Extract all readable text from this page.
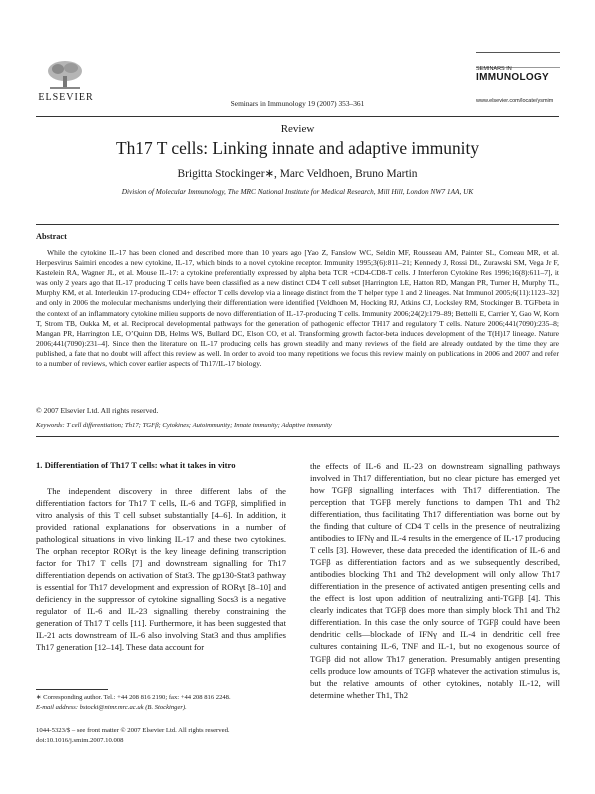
ELSEVIER
Seminars in Immunology 19 (2007) 353–361
SEMINARS IN
IMMUNOLOGY
www.elsevier.com/locate/ysmim
Review
Th17 T cells: Linking innate and adaptive immunity
Brigitta Stockinger∗, Marc Veldhoen, Bruno Martin
Division of Molecular Immunology, The MRC National Institute for Medical Research, Mill Hill, London NW7 1AA, UK
Abstract
While the cytokine IL-17 has been cloned and described more than 10 years ago [Yao Z, Fanslow WC, Seldin MF, Rousseau AM, Painter SL, Comeau MR, et al. Herpesvirus Saimiri encodes a new cytokine, IL-17, which binds to a novel cytokine receptor. Immunity 1995;3(6):811–21; Kennedy J, Rossi DL, Zurawski SM, Vega Jr F, Kastelein RA, Wagner JL, et al. Mouse IL-17: a cytokine preferentially expressed by alpha beta TCR +CD4-CD8-T cells. J Interferon Cytokine Res 1996;16(8):611–7], it was only 2 years ago that IL-17 producing T cells have been classified as a new distinct CD4 T cell subset [Harrington LE, Hatton RD, Mangan PR, Turner H, Murphy TL, Murphy KM, et al. Interleukin 17-producing CD4+ effector T cells develop via a lineage distinct from the T helper type 1 and 2 lineages. Nat Immunol 2005;6(11):1123–32] and only in 2006 the molecular mechanisms underlying their differentiation were identified [Veldhoen M, Hocking RJ, Atkins CJ, Locksley RM, Stockinger B. TGFbeta in the context of an inflammatory cytokine milieu supports de novo differentiation of IL-17-producing T cells. Immunity 2006;24(2):179–89; Bettelli E, Carrier Y, Gao W, Korn T, Strom TB, Oukka M, et al. Reciprocal developmental pathways for the generation of pathogenic effector TH17 and regulatory T cells. Nature 2006;441(7090):235–8; Mangan PR, Harrington LE, O’Quinn DB, Helms WS, Bullard DC, Elson CO, et al. Transforming growth factor-beta induces development of the T(H)17 lineage. Nature 2006;441(7090):231–4]. Since then the literature on IL-17 producing cells has grown steadily and many reviews of the field are already outdated by the time they are published, a fate that no doubt will affect this review as well. In order to avoid too many repetitions we focus this review mainly on publications in 2006 and 2007 and refer to a number of reviews, which cover earlier aspects of Th17/IL-17 biology.
© 2007 Elsevier Ltd. All rights reserved.
Keywords: T cell differentiation; Th17; TGFβ; Cytokines; Autoimmunity; Innate immunity; Adaptive immunity
1. Differentiation of Th17 T cells: what it takes in vitro
The independent discovery in three different labs of the differentiation factors for Th17 T cells, IL-6 and TGFβ, simplified in vitro analysis of this T cell subset substantially [4–6]. In addition, it provided rational explanations for observations in a number of pathological situations in vivo linking IL-17 and these two cytokines. The orphan receptor RORγt is the key lineage defining transcription factor for Th17 T cells [7] and downstream signalling for Th17 differentiation depends on activation of Stat3. The gp130-Stat3 pathway is essential for Th17 development and expression of RORγt [8–10] and deficiency in the suppressor of cytokine signalling Socs3 is a negative regulator of IL-6 and IL-23 signalling thereby constraining the generation of Th17 T cells [11]. Furthermore, it has been suggested that IL-21 acts downstream of IL-6 also involving Stat3 and thus amplifies Th17 generation [12–14]. These data account for
the effects of IL-6 and IL-23 on downstream signalling pathways involved in Th17 differentiation, but no clear picture has emerged yet how TGFβ signalling interfaces with Th17 differentiation. The perception that TGFβ merely functions to dampen Th1 and Th2 differentiation, thus facilitating Th17 differentiation was borne out by the finding that culture of CD4 T cells in the presence of neutralizing antibodies to IFNγ and IL-4 results in the emergence of IL-17 producing T cells [3]. However, these data preceded the identification of IL-6 and TGFβ as differentiation factors and as we subsequently described, antibodies blocking Th1 and Th2 development will only allow Th17 differentiation in the presence of activated antigen presenting cells and the effect is lost upon addition of neutralizing anti-TGFβ [4]. This clearly indicates that TGFβ does more than simply block Th1 and Th2 differentiation. In this case the only source of TGFβ could have been dendritic cells—blockade of IFNγ and IL-4 in dendritic cell free cultures containing IL-6, TNF and IL-1, but no exogenous source of TGFβ did not allow Th17 generation. Presumably antigen presenting cells produce low amounts of TGFβ whatever the activation stimulus is, but the relative amounts of other cytokines, notably IL-12, will determine whether Th1, Th2
∗ Corresponding author. Tel.: +44 208 816 2190; fax: +44 208 816 2248.
E-mail address: bstocki@nimr.mrc.ac.uk (B. Stockinger).
1044-5323/$ – see front matter © 2007 Elsevier Ltd. All rights reserved.
doi:10.1016/j.smim.2007.10.008
